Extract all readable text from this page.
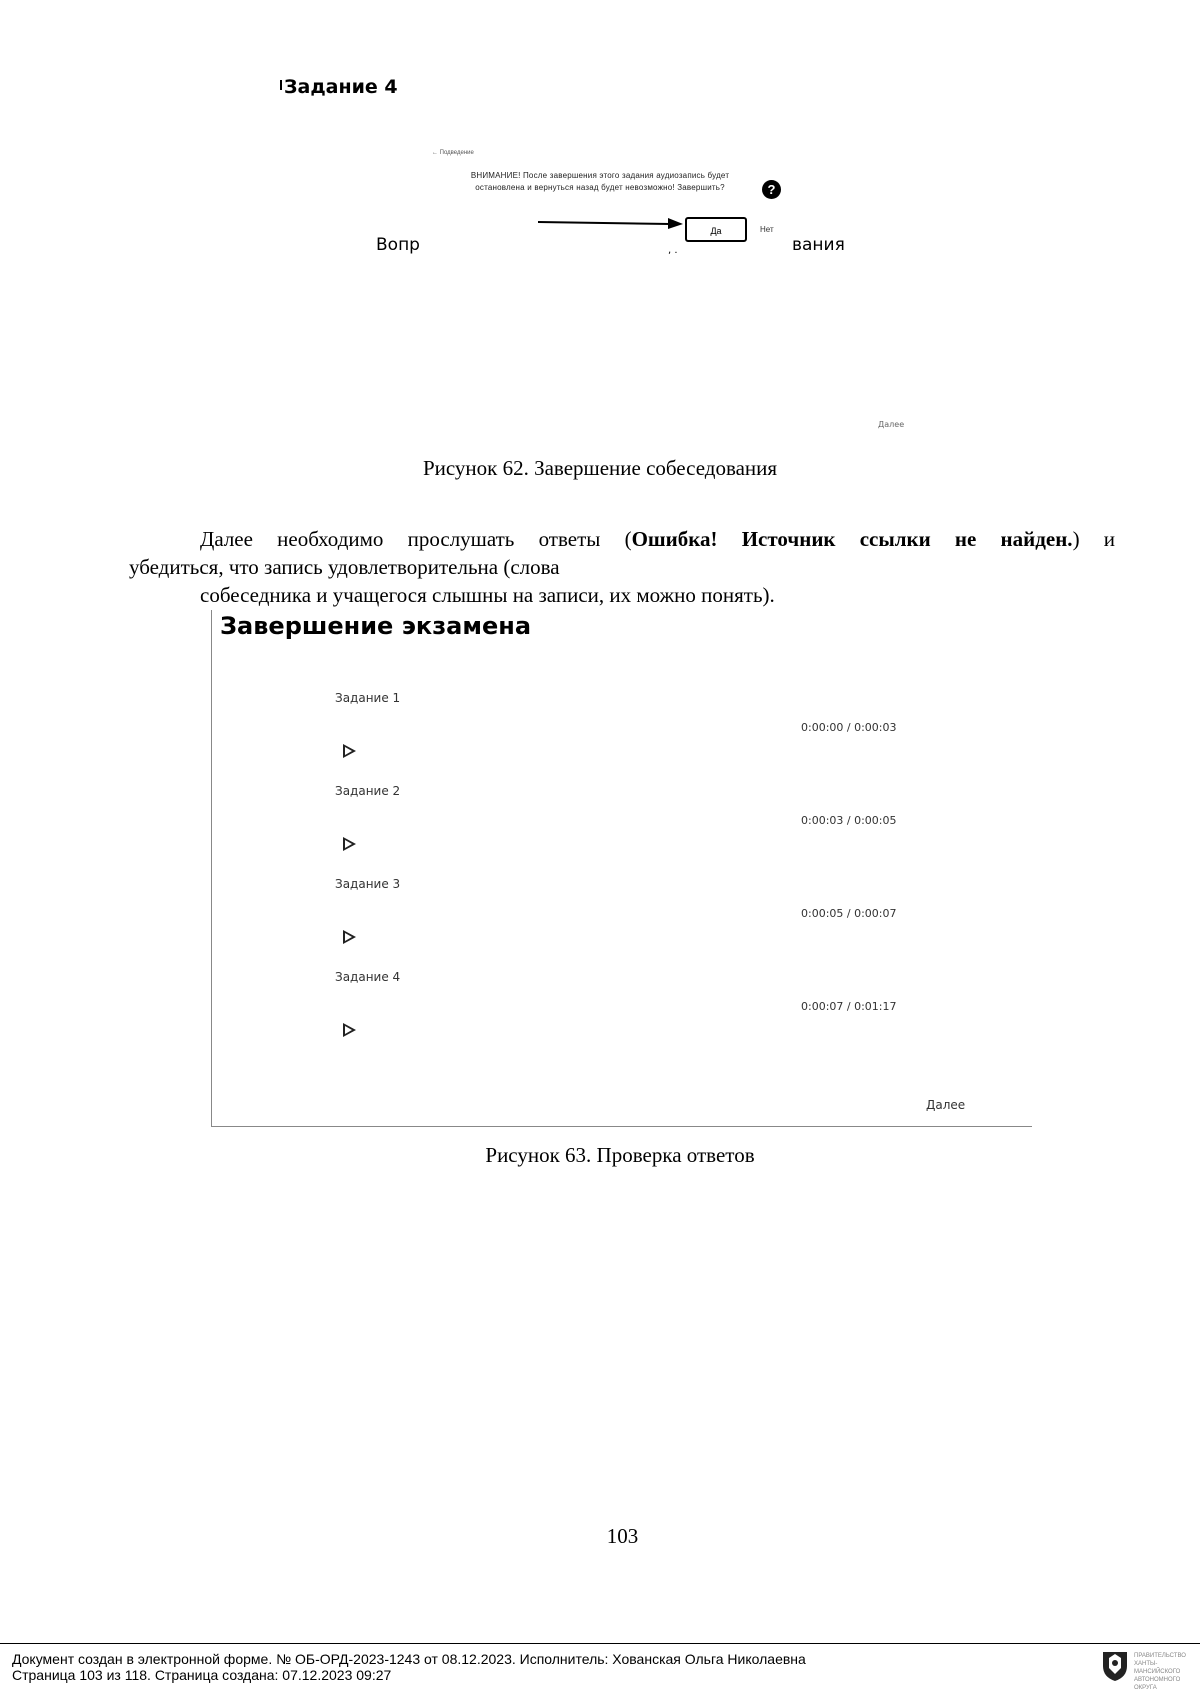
Задание 4
← Подведение
ВНИМАНИЕ! После завершения этого задания аудиозапись будет остановлена и вернуться назад будет невозможно! Завершить?	?
Да	Нет
Вопр	, .	вания
Далее
Рисунок 62. Завершение собеседования
Далее необходимо прослушать ответы (Ошибка! Источник ссылки не найден.) и
убедиться, что запись удовлетворительна (слова
собеседника и учащегося слышны на записи, их можно понять).
Завершение экзамена
Задание 1
0:00:00 / 0:00:03
Задание 2
0:00:03 / 0:00:05
Задание 3
0:00:05 / 0:00:07
Задание 4
0:00:07 / 0:01:17
Далее
Рисунок 63. Проверка ответов
103
Документ создан в электронной форме. № ОБ-ОРД-2023-1243 от 08.12.2023. Исполнитель: Хованская Ольга Николаевна
Страница 103 из 118. Страница создана: 07.12.2023 09:27
ПРАВИТЕЛЬСТВО ХАНТЫ-МАНСИЙСКОГО АВТОНОМНОГО ОКРУГА
